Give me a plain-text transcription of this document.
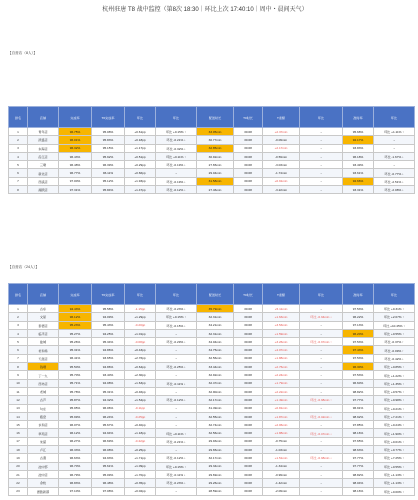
杭州驻唐 T8 战中监控（第8次 18:30｜环比上次 17:40:10｜周中・晨间天气）
【自营店（8人）】
排名	店铺	完成率	T0完成率	环比	环比	配送时长	T0时长	T差额	环比	准时率	环比	配送单量
1	青年店	96.75%	95.08%	+0.61pp	环比 +0.15% ↑	33.05min	30.68	+2.37min	→	95.68%	环比 +1.11% ↑	
2	滨盛店	96.01%	95.83%	+0.18pp	环比 -0.21% ↓	30.77min	30.68	-0.09min	→	92.17%	→	
3	东海店	96.32%	95.15%	+1.17pp	环比 -0.32% ↓	32.85min	30.68	+2.17min	→	93.83%	→	
4	沿江店	96.43%	95.92%	+0.51pp	环比 +0.11% ↑	30.92min	30.68	-0.59min	→	96.18%	环比 -1.67% ↓	
5	三墩	96.48%	96.39%	+0.29pp	环比 -0.19% ↓	27.65min	30.68	-3.03min	→	93.49%	→	
6	新北店	96.77%	96.11%	+0.66pp	→	29.04min	30.68	-1.74min	→	93.61%	环比 -0.77% ↓	
7	西溪店	97.00%	95.12%	+1.93pp	环比 -0.19% ↓	31.58min	30.68	+0.91min	→	92.66%	环比 -2.51% ↓	
8	湖滨店	97.31%	95.84%	+1.47pp	环比 -0.12% ↓	27.46min	30.68	-3.22min	→	93.31%	环比 -2.08% ↓	
【自营店（24人）】
排名	店铺	完成率	T0完成率	环比	环比	配送时长	T0时长	T差额	环比	准时率	环比	配送单量
1	古东	94.43%	95.58%	-1.15pp	环比 -0.23% ↓	35.79min	30.68	+5.11min	→	97.53%	环比 +0.31% ↑	
2	文星	96.12%	94.09%	+1.29pp	环比 +0.15% ↑	32.31min	30.68	+1.63min	环比 -0.34min ↓	96.22%	环比 +2.07% ↑	
3	泰德店	95.23%	95.43%	-0.20pp	环比 -0.15% ↓	34.21min	30.68	+3.53min	→	97.13%	环比 +10.45% ↑	
4	临平店	95.27%	94.25%	+1.01pp	→	32.31min	30.68	+1.59min	→	96.20%	环比 +0.55% ↑	
5	盐城	95.26%	95.34%	-0.08pp	环比 -0.29% ↓	34.04min	30.68	+3.26min	环比 -0.37min ↑	97.53%	环比 -0.37% ↑	
6	老和场	95.31%	94.86%	+0.43pp	→	34.75min	30.68	+4.07min	→	97.43%	环比 -0.09% ↑	
7	天涯店	96.41%	93.65%	+2.76pp	→	32.56min	30.68	+1.88min	→	97.53%	环比 -0.42% ↓	
8	钱塘	95.50%	94.86%	+0.64pp	环比 -0.25% ↓	33.44min	30.68	+2.76min	→	96.30%	环比 +0.85% ↑	
9	丁一九	95.70%	93.40%	+2.30pp	→	32.92min	30.68	+2.24min	→	97.53%	环比 +1.22% ↑	
10	西坊店	95.71%	94.08%	+1.63pp	环比 -0.11% ↓	32.47min	30.68	+1.79min	→	96.60%	环比 +1.35% ↑	
11	老城	95.78%	95.31%	+0.46pp	→	32.90min	30.68	+2.22min	→	98.82%	环比 +0.57% ↑	
12	古芦	95.87%	94.32%	+1.54pp	环比 -0.12% ↓	32.17min	30.68	+1.49min	环比 -0.38min ↑	97.77%	环比 +0.98% ↑	
13	勾庄	95.95%	96.06%	-0.11pp	→	31.49min	30.68	+0.81min	→	96.91%	环比 +0.21% ↑	
14	瓶窑	95.99%	96.24%	-0.25pp	→	32.55min	30.68	+1.87min	环比 -0.42min ↓	98.92%	环比 +7.21% ↑	
15	永和店	96.07%	95.67%	+0.40pp	→	32.74min	30.68	+2.06min	→	97.85%	环比 +0.24% ↑	
16	翠苑店	96.12%	94.94%	+1.18pp	环比 +0.11% ↑	32.56min	30.68	+1.88min	环比 -0.47min ↓	98.16%	环比 +1.90% ↑	
17	朱富	96.27%	96.69%	-0.42pp	环比 -0.21% ↓	29.93min	30.68	-0.75min	→	97.65%	环比 +0.01% ↑	
18	卢江	96.33%	96.08%	+0.25pp	→	29.65min	30.68	-1.03min	→	98.63%	环比 +0.77% ↑	
19	古蕩	96.63%	94.93%	+1.71pp	环比 -0.12% ↓	32.17min	30.68	+1.51min	环比 -0.38min ↓	97.77%	环比 +7.25% ↑	
20	池中部	96.70%	95.61%	+1.09pp	环比 +0.15% ↑	29.34min	30.68	-1.34min	→	97.77%	环比 +0.55% ↑	
21	池中店	96.79%	95.09%	+1.70pp	环比 -0.11% ↓	29.69min	30.68	-0.99min	→	98.82%	环比 +1.13% ↑	
22	余杭	96.83%	96.48%	+0.35pp	环比 -0.23% ↓	29.26min	30.68	-1.42min	→	98.04%	环比 +1.13% ↑	
23	德胜新都	97.10%	97.08%	+0.02pp	→	28.59min	30.68	-2.09min	→	98.16%	环比 +0.00% ↑	
